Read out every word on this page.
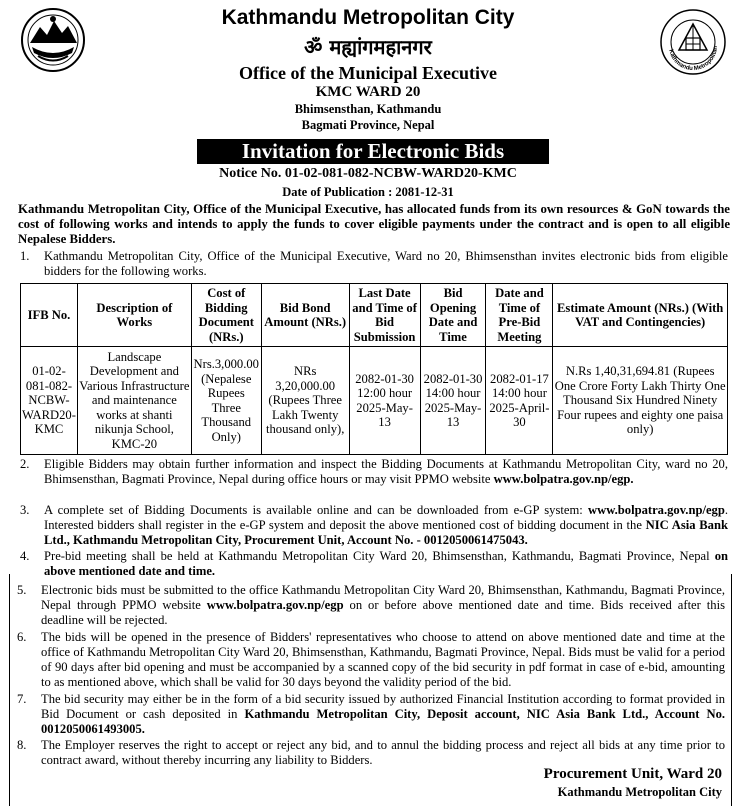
Kathmandu Metropolitan
Kathmandu Metropolitan City
ॐ मह्यांगमहानगर
Office of the Municipal Executive
KMC WARD 20
Bhimsensthan, Kathmandu
Bagmati Province, Nepal
Invitation for Electronic Bids
Notice No. 01-02-081-082-NCBW-WARD20-KMC
Date of Publication : 2081-12-31
Kathmandu Metropolitan City, Office of the Municipal Executive, has allocated funds from its own resources & GoN towards the cost of following works and intends to apply the funds to cover eligible payments under the contract and is open to all eligible Nepalese Bidders.
1. Kathmandu Metropolitan City, Office of the Municipal Executive, Ward no 20, Bhimsensthan invites electronic bids from eligible bidders for the following works.
IFB No.	Description of Works	Cost of Bidding Document (NRs.)	Bid Bond Amount (NRs.)	Last Date and Time of Bid Submission	Bid Opening Date and Time	Date and Time of Pre-Bid Meeting	Estimate Amount (NRs.) (With VAT and Contingencies)
01-02-081-082-NCBW-WARD20-KMC	Landscape Development and Various Infrastructure and maintenance works at shanti nikunja School, KMC-20	Nrs.3,000.00 (Nepalese Rupees Three Thousand Only)	NRs 3,20,000.00 (Rupees Three Lakh Twenty thousand only),	2082-01-30 12:00 hour 2025-May-13	2082-01-30 14:00 hour 2025-May-13	2082-01-17 14:00 hour 2025-April-30	N.Rs 1,40,31,694.81 (Rupees One Crore Forty Lakh Thirty One Thousand Six Hundred Ninety Four rupees and eighty one paisa only)
2. Eligible Bidders may obtain further information and inspect the Bidding Documents at Kathmandu Metropolitan City, ward no 20, Bhimsensthan, Bagmati Province, Nepal during office hours or may visit PPMO website www.bolpatra.gov.np/egp.
3. A complete set of Bidding Documents is available online and can be downloaded from e-GP system: www.bolpatra.gov.np/egp. Interested bidders shall register in the e-GP system and deposit the above mentioned cost of bidding document in the NIC Asia Bank Ltd., Kathmandu Metropolitan City, Procurement Unit, Account No. - 0012050061475043.
4. Pre-bid meeting shall be held at Kathmandu Metropolitan City Ward 20, Bhimsensthan, Kathmandu, Bagmati Province, Nepal on above mentioned date and time.
5. Electronic bids must be submitted to the office Kathmandu Metropolitan City Ward 20, Bhimsensthan, Kathmandu, Bagmati Province, Nepal through PPMO website www.bolpatra.gov.np/egp on or before above mentioned date and time. Bids received after this deadline will be rejected.
6. The bids will be opened in the presence of Bidders' representatives who choose to attend on above mentioned date and time at the office of Kathmandu Metropolitan City Ward 20, Bhimsensthan, Kathmandu, Bagmati Province, Nepal. Bids must be valid for a period of 90 days after bid opening and must be accompanied by a scanned copy of the bid security in pdf format in case of e-bid, amounting to as mentioned above, which shall be valid for 30 days beyond the validity period of the bid.
7. The bid security may either be in the form of a bid security issued by authorized Financial Institution according to format provided in Bid Document or cash deposited in Kathmandu Metropolitan City, Deposit account, NIC Asia Bank Ltd., Account No. 0012050061493005.
8. The Employer reserves the right to accept or reject any bid, and to annul the bidding process and reject all bids at any time prior to contract award, without thereby incurring any liability to Bidders.
Procurement Unit, Ward 20
Kathmandu Metropolitan City
